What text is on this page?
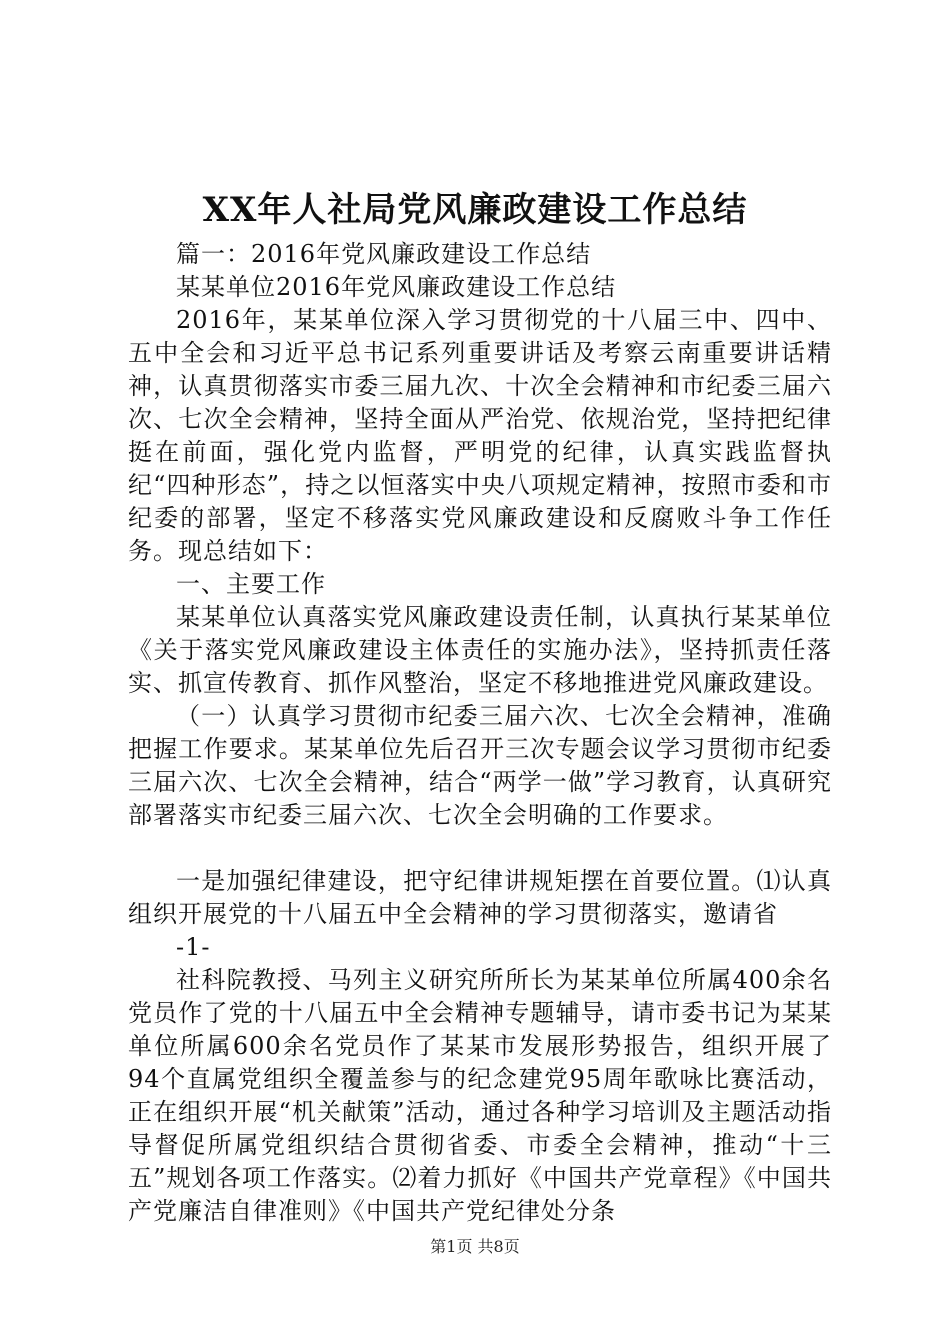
XX年人社局党风廉政建设工作总结

篇一：2016年党风廉政建设工作总结

某某单位2016年党风廉政建设工作总结

2016年，某某单位深入学习贯彻党的十八届三中、四中、五中全会和习近平总书记系列重要讲话及考察云南重要讲话精神，认真贯彻落实市委三届九次、十次全会精神和市纪委三届六次、七次全会精神，坚持全面从严治党、依规治党，坚持把纪律挺在前面，强化党内监督，严明党的纪律，认真实践监督执纪“四种形态”，持之以恒落实中央八项规定精神，按照市委和市纪委的部署，坚定不移落实党风廉政建设和反腐败斗争工作任务。现总结如下：

一、主要工作

某某单位认真落实党风廉政建设责任制，认真执行某某单位《关于落实党风廉政建设主体责任的实施办法》，坚持抓责任落实、抓宣传教育、抓作风整治，坚定不移地推进党风廉政建设。

（一）认真学习贯彻市纪委三届六次、七次全会精神，准确把握工作要求。某某单位先后召开三次专题会议学习贯彻市纪委三届六次、七次全会精神，结合“两学一做”学习教育，认真研究部署落实市纪委三届六次、七次全会明确的工作要求。

一是加强纪律建设，把守纪律讲规矩摆在首要位置。⑴认真组织开展党的十八届五中全会精神的学习贯彻落实，邀请省

-1-

社科院教授、马列主义研究所所长为某某单位所属400余名党员作了党的十八届五中全会精神专题辅导，请市委书记为某某单位所属600余名党员作了某某市发展形势报告，组织开展了94个直属党组织全覆盖参与的纪念建党95周年歌咏比赛活动，正在组织开展“机关献策”活动，通过各种学习培训及主题活动指导督促所属党组织结合贯彻省委、市委全会精神，推动“十三五”规划各项工作落实。⑵着力抓好《中国共产党章程》《中国共产党廉洁自律准则》《中国共产党纪律处分条

第1页 共8页
